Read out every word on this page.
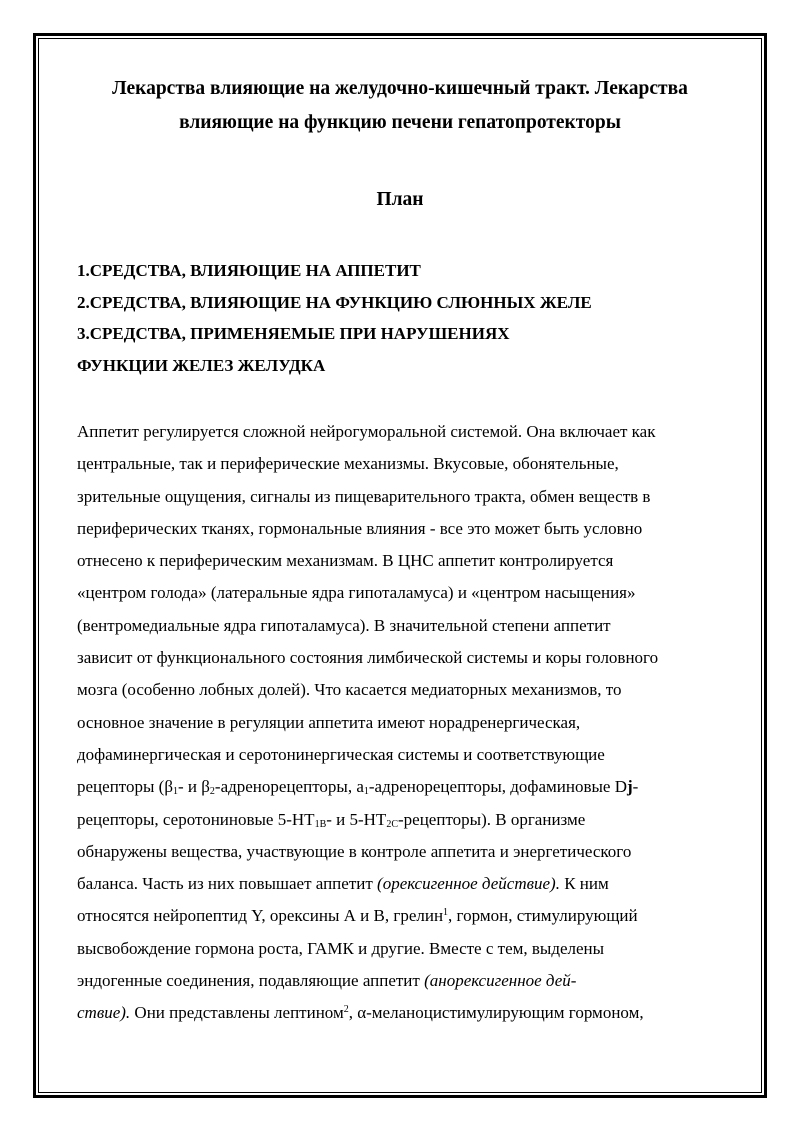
Лекарства влияющие на желудочно-кишечный тракт. Лекарства
влияющие на функцию печени гепатопротекторы
План
1.СРЕДСТВА, ВЛИЯЮЩИЕ НА АППЕТИТ
2.СРЕДСТВА, ВЛИЯЮЩИЕ НА ФУНКЦИЮ СЛЮННЫХ ЖЕЛЕ
3.СРЕДСТВА, ПРИМЕНЯЕМЫЕ ПРИ НАРУШЕНИЯХ
ФУНКЦИИ ЖЕЛЕЗ ЖЕЛУДКА
Аппетит регулируется сложной нейрогуморальной системой. Она включает как
центральные, так и периферические механизмы. Вкусовые, обонятельные,
зрительные ощущения, сигналы из пищеварительного тракта, обмен веществ в
периферических тканях, гормональные влияния - все это может быть условно
отнесено к периферическим механизмам. В ЦНС аппетит контролируется
«центром голода» (латеральные ядра гипоталамуса) и «центром насыщения»
(вентромедиальные ядра гипоталамуса). В значительной степени аппетит
зависит от функционального состояния лимбической системы и коры головного
мозга (особенно лобных долей). Что касается медиаторных механизмов, то
основное значение в регуляции аппетита имеют норадренергическая,
дофаминергическая и серотонинергическая системы и соответствующие
рецепторы ($\beta_1-$ и $\beta_2$-адренорецепторы, $а_1$-адренорецепторы, дофаминовые Dj-
рецепторы, серотониновые $5-НТ_{1В}-$ и $5-НТ_{2С}-рецепторы$). В организме
обнаружены вещества, участвующие в контроле аппетита и энергетического
баланса. Часть из них повышает аппетит (орексигенное действие). К ним
относятся нейропептид Y, орексины А и В, грелин$^1$, гормон, стимулирующий
высвобождение гормона роста, ГАМК и другие. Вместе с тем, выделены
эндогенные соединения, подавляющие аппетит (анорексигенное дей-
ствие). Они представлены лептином$^2$, α-меланоцистимулирующим гормоном,
